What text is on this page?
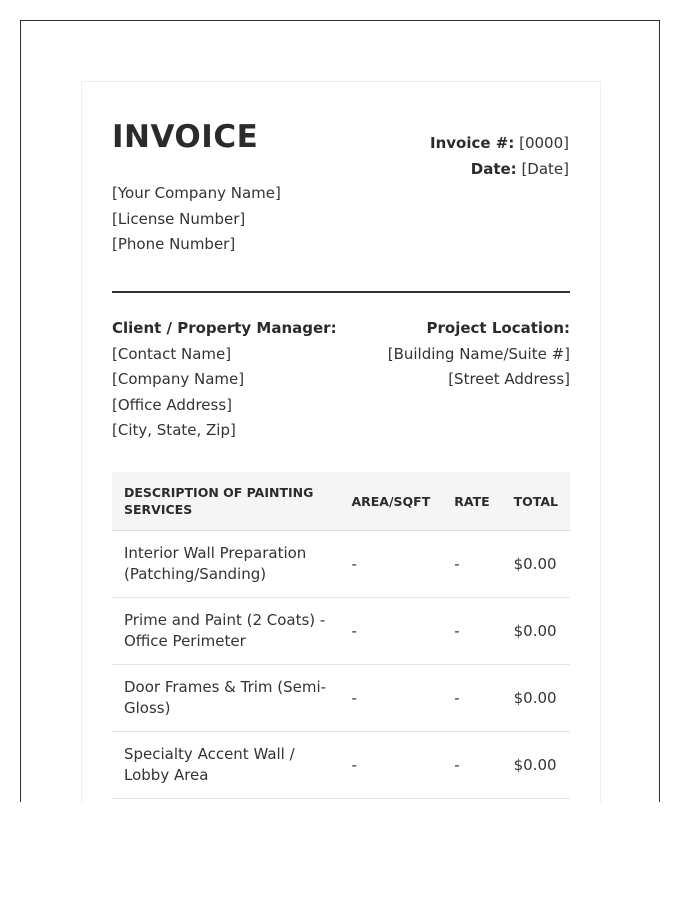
INVOICE
[Your Company Name]
[License Number]
[Phone Number]
Invoice #: [0000]
Date: [Date]
Client / Property Manager:
[Contact Name]
[Company Name]
[Office Address]
[City, State, Zip]
Project Location:
[Building Name/Suite #]
[Street Address]
DESCRIPTION OF PAINTING SERVICES	AREA/SQFT	RATE	TOTAL
Interior Wall Preparation (Patching/Sanding)	-	-	$0.00
Prime and Paint (2 Coats) - Office Perimeter	-	-	$0.00
Door Frames & Trim (Semi-Gloss)	-	-	$0.00
Specialty Accent Wall / Lobby Area	-	-	$0.00
